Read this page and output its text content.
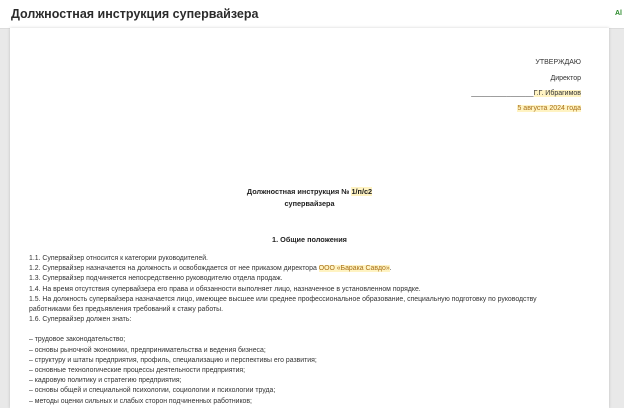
Должностная инструкция супервайзера	Al
УТВЕРЖДАЮ
Директор
________________Г.Г. Ибрагимов
5 августа 2024 года
Должностная инструкция № 1/п/с2
супервайзера
1. Общие положения

1.1. Супервайзер относится к категории руководителей.

1.2. Супервайзер назначается на должность и освобождается от нее приказом директора ООО «Барака Савдо».

1.3. Супервайзер подчиняется непосредственно руководителю отдела продаж.

1.4. На время отсутствия супервайзера его права и обязанности выполняет лицо, назначенное в установленном порядке.

1.5. На должность супервайзера назначается лицо, имеющее высшее или среднее профессиональное образование, специальную подготовку по руководству

работниками без предъявления требований к стажу работы.

1.6. Супервайзер должен знать:

– трудовое законодательство;

– основы рыночной экономики, предпринимательства и ведения бизнеса;

– структуру и штаты предприятия, профиль, специализацию и перспективы его развития;

– основные технологические процессы деятельности предприятия;

– кадровую политику и стратегию предприятия;

– основы общей и специальной психологии, социологии и психологии труда;

– методы оценки сильных и слабых сторон подчиненных работников;
